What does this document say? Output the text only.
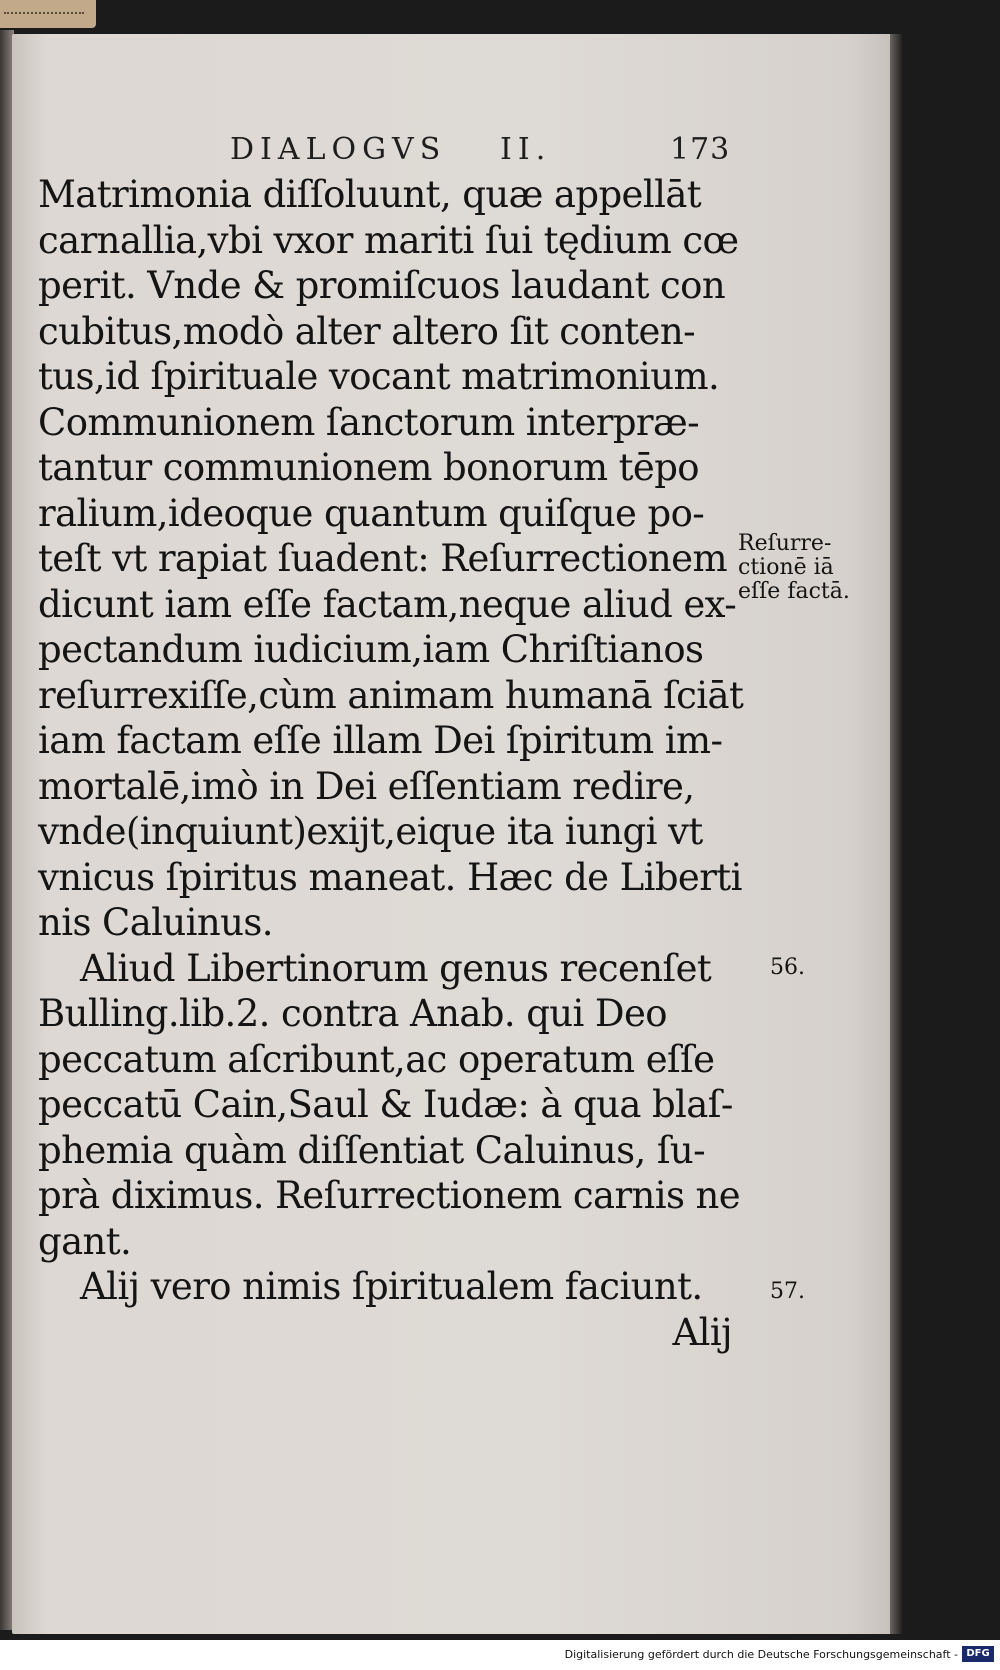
DIALOGVS II.	173
Matrimonia diſſoluunt, quæ appellāt
carnallia,vbi vxor mariti ſui tędium cœ
perit. Vnde & promiſcuos laudant con
cubitus,modò alter altero ſit conten-
tus,id ſpirituale vocant matrimonium.
Communionem ſanctorum interpræ-
tantur communionem bonorum tēpo
ralium,ideoque quantum quiſque po-
teſt vt rapiat ſuadent: Reſurrectionem
dicunt iam eſſe factam,neque aliud ex-
pectandum iudicium,iam Chriſtianos
reſurrexiſſe,cùm animam humanā ſciāt
iam factam eſſe illam Dei ſpiritum im-
mortalē,imò in Dei eſſentiam redire,
vnde(inquiunt)exijt,eique ita iungi vt
vnicus ſpiritus maneat. Hæc de Liberti
nis Caluinus.
Aliud Libertinorum genus recenſet
Bulling.lib.2. contra Anab. qui Deo
peccatum aſcribunt,ac operatum eſſe
peccatū Cain,Saul & Iudæ: à qua blaſ-
phemia quàm diſſentiat Caluinus, ſu-
prà diximus. Reſurrectionem carnis ne
gant.
Alij vero nimis ſpiritualem faciunt.
Alij
Reſurre-
ctionē iā
eſſe factā.
56.
57.
Digitalisierung gefördert durch die Deutsche Forschungsgemeinschaft - DFG
